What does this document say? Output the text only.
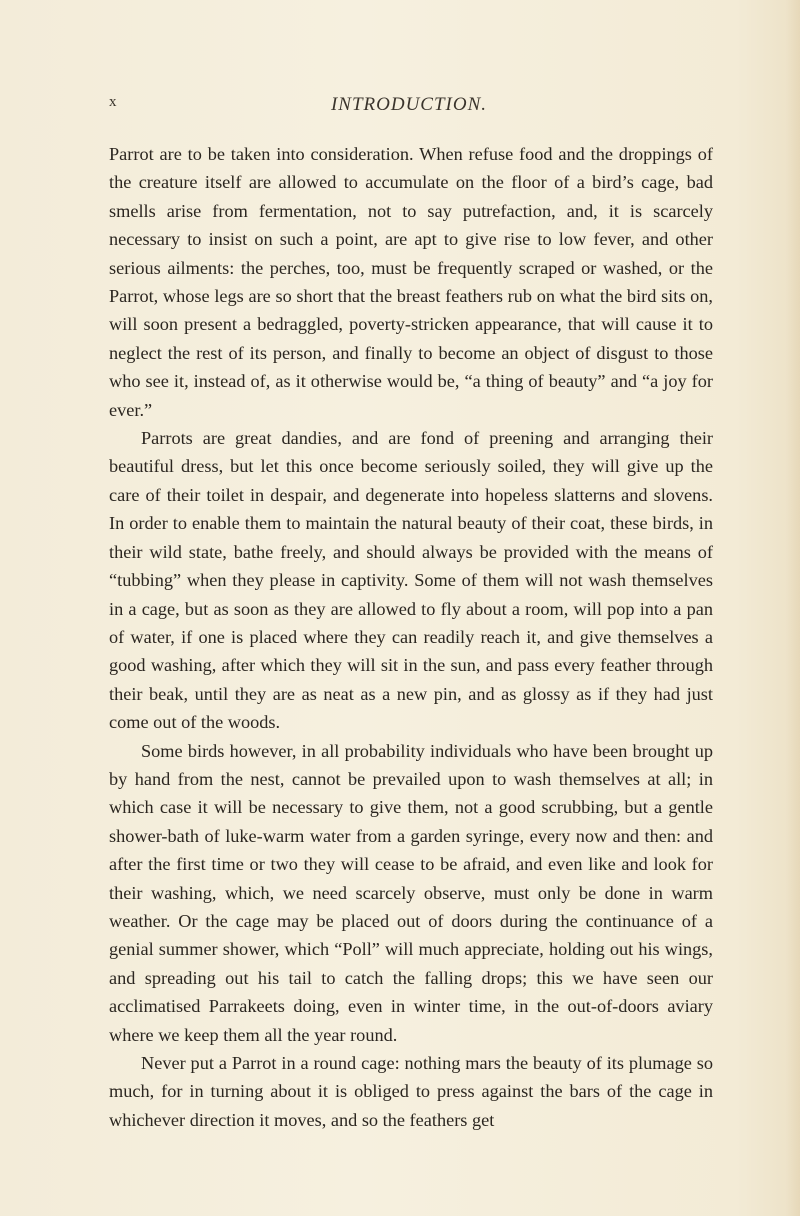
x	INTRODUCTION.

Parrot are to be taken into consideration. When refuse food and the droppings of the creature itself are allowed to accumulate on the floor of a bird’s cage, bad smells arise from fermentation, not to say putrefaction, and, it is scarcely necessary to insist on such a point, are apt to give rise to low fever, and other serious ailments: the perches, too, must be frequently scraped or washed, or the Parrot, whose legs are so short that the breast feathers rub on what the bird sits on, will soon present a bedraggled, poverty-stricken appearance, that will cause it to neglect the rest of its person, and finally to become an object of disgust to those who see it, instead of, as it otherwise would be, “a thing of beauty” and “a joy for ever.”

Parrots are great dandies, and are fond of preening and arranging their beautiful dress, but let this once become seriously soiled, they will give up the care of their toilet in despair, and degenerate into hopeless slatterns and slovens. In order to enable them to maintain the natural beauty of their coat, these birds, in their wild state, bathe freely, and should always be provided with the means of “tubbing” when they please in captivity. Some of them will not wash themselves in a cage, but as soon as they are allowed to fly about a room, will pop into a pan of water, if one is placed where they can readily reach it, and give themselves a good washing, after which they will sit in the sun, and pass every feather through their beak, until they are as neat as a new pin, and as glossy as if they had just come out of the woods.

Some birds however, in all probability individuals who have been brought up by hand from the nest, cannot be prevailed upon to wash themselves at all; in which case it will be necessary to give them, not a good scrubbing, but a gentle shower-bath of luke-warm water from a garden syringe, every now and then: and after the first time or two they will cease to be afraid, and even like and look for their washing, which, we need scarcely observe, must only be done in warm weather. Or the cage may be placed out of doors during the continuance of a genial summer shower, which “Poll” will much appreciate, holding out his wings, and spreading out his tail to catch the falling drops; this we have seen our acclimatised Parrakeets doing, even in winter time, in the out-of-doors aviary where we keep them all the year round.

Never put a Parrot in a round cage: nothing mars the beauty of its plumage so much, for in turning about it is obliged to press against the bars of the cage in whichever direction it moves, and so the feathers get
